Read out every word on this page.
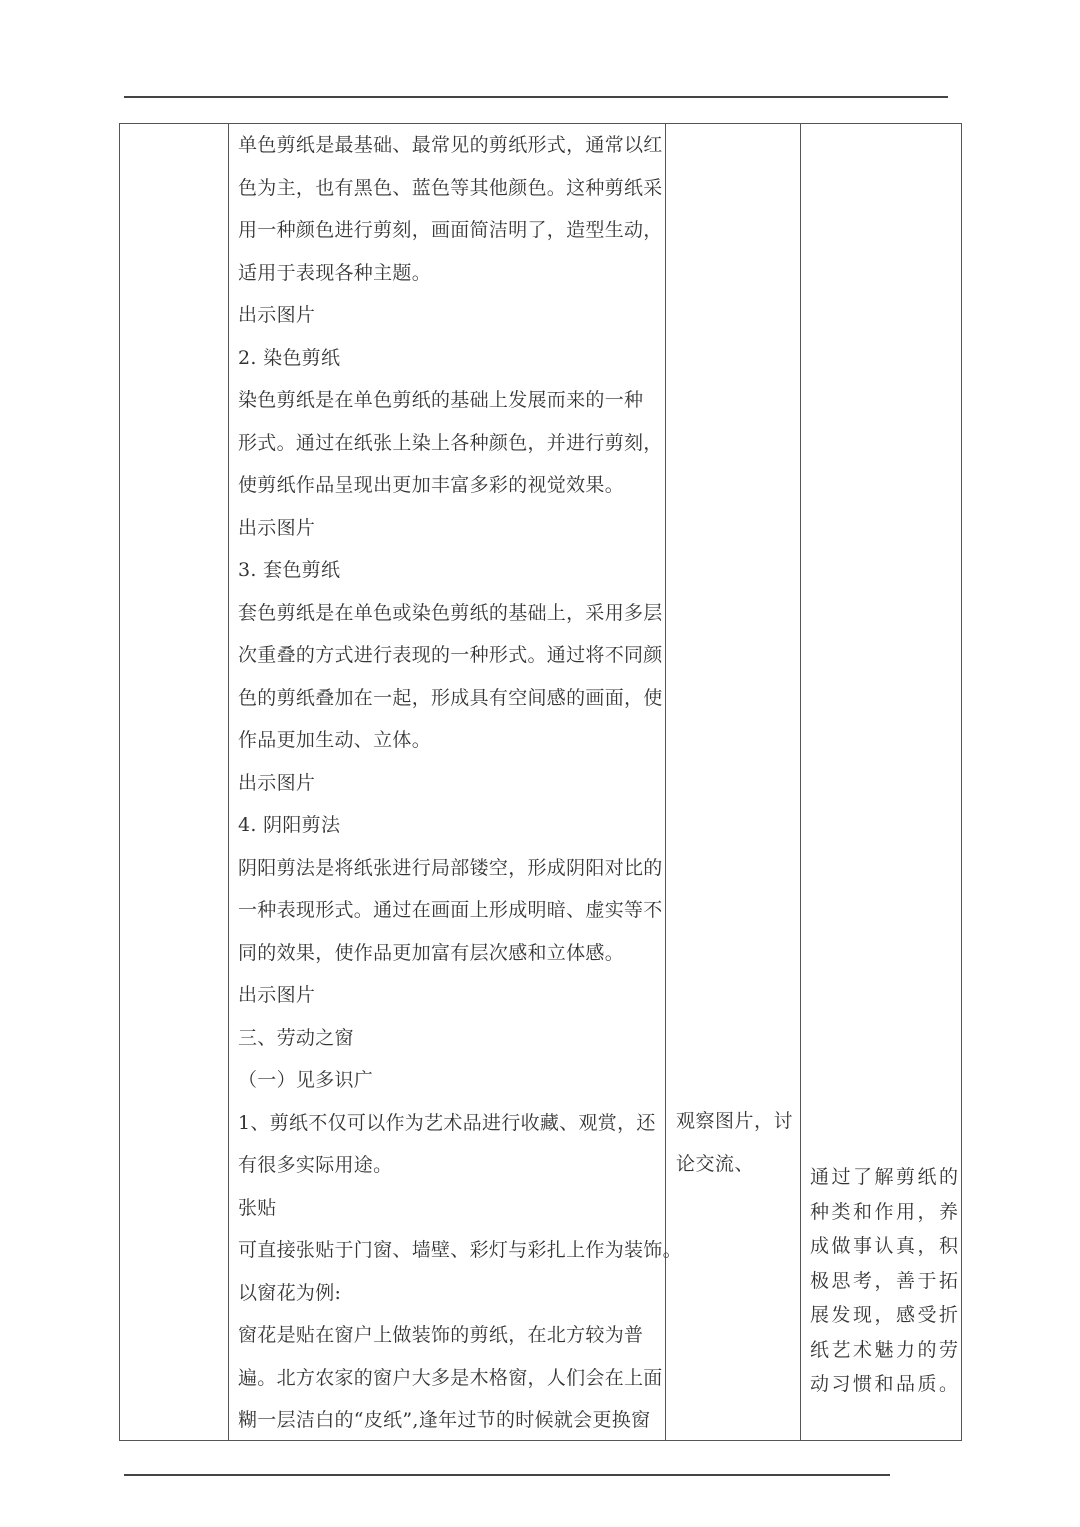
单色剪纸是最基础、最常见的剪纸形式，通常以红
色为主，也有黑色、蓝色等其他颜色。这种剪纸采
用一种颜色进行剪刻，画面简洁明了，造型生动，
适用于表现各种主题。
出示图片
2. 染色剪纸
染色剪纸是在单色剪纸的基础上发展而来的一种
形式。通过在纸张上染上各种颜色，并进行剪刻，
使剪纸作品呈现出更加丰富多彩的视觉效果。
出示图片
3. 套色剪纸
套色剪纸是在单色或染色剪纸的基础上，采用多层
次重叠的方式进行表现的一种形式。通过将不同颜
色的剪纸叠加在一起，形成具有空间感的画面，使
作品更加生动、立体。
出示图片
4. 阴阳剪法
阴阳剪法是将纸张进行局部镂空，形成阴阳对比的
一种表现形式。通过在画面上形成明暗、虚实等不
同的效果，使作品更加富有层次感和立体感。
出示图片
三、劳动之窗
（一）见多识广
1、剪纸不仅可以作为艺术品进行收藏、观赏，还
有很多实际用途。
张贴
可直接张贴于门窗、墙壁、彩灯与彩扎上作为装饰。
以窗花为例:
窗花是贴在窗户上做装饰的剪纸，在北方较为普
遍。北方农家的窗户大多是木格窗，人们会在上面
糊一层洁白的“皮纸”,逢年过节的时候就会更换窗
观察图片，讨
论交流、
通过了解剪纸的
种类和作用，养
成做事认真，积
极思考，善于拓
展发现，感受折
纸艺术魅力的劳
动习惯和品质。
